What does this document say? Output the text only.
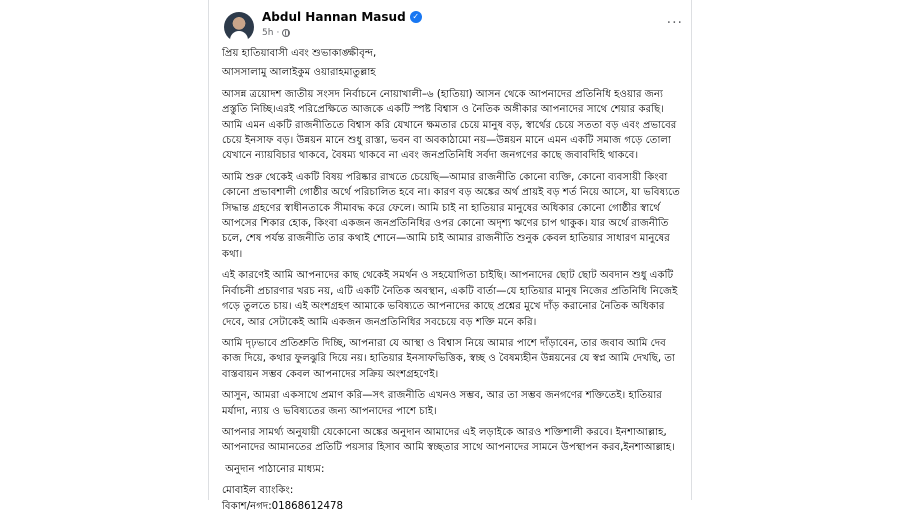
Abdul Hannan Masud ✓
5h ·
···

প্রিয় হাতিয়াবাসী এবং শুভাকাঙ্ক্ষীবৃন্দ,

আসসালামু আলাইকুম ওয়ারাহমাতুল্লাহ

আসন্ন ত্রয়োদশ জাতীয় সংসদ নির্বাচনে নোয়াখালী–৬ (হাতিয়া) আসন থেকে আপনাদের প্রতিনিধি হওয়ার জন্য প্রস্তুতি নিচ্ছি।এরই পরিপ্রেক্ষিতে আজকে একটি স্পষ্ট বিশ্বাস ও নৈতিক অঙ্গীকার আপনাদের সাথে শেয়ার করছি। আমি এমন একটি রাজনীতিতে বিশ্বাস করি যেখানে ক্ষমতার চেয়ে মানুষ বড়, স্বার্থের চেয়ে সততা বড় এবং প্রভাবের চেয়ে ইনসাফ বড়। উন্নয়ন মানে শুধু রাস্তা, ভবন বা অবকাঠামো নয়—উন্নয়ন মানে এমন একটি সমাজ গড়ে তোলা যেখানে ন্যায়বিচার থাকবে, বৈষম্য থাকবে না এবং জনপ্রতিনিধি সর্বদা জনগণের কাছে জবাবদিহি থাকবে।

আমি শুরু থেকেই একটি বিষয় পরিষ্কার রাখতে চেয়েছি—আমার রাজনীতি কোনো ব্যক্তি, কোনো ব্যবসায়ী কিংবা কোনো প্রভাবশালী গোষ্ঠীর অর্থে পরিচালিত হবে না। কারণ বড় অঙ্কের অর্থ প্রায়ই বড় শর্ত নিয়ে আসে, যা ভবিষ্যতে সিদ্ধান্ত গ্রহণের স্বাধীনতাকে সীমাবদ্ধ করে ফেলে। আমি চাই না হাতিয়ার মানুষের অধিকার কোনো গোষ্ঠীর স্বার্থে আপসের শিকার হোক, কিংবা একজন জনপ্রতিনিধির ওপর কোনো অদৃশ্য ঋণের চাপ থাকুক। যার অর্থে রাজনীতি চলে, শেষ পর্যন্ত রাজনীতি তার কথাই শোনে—আমি চাই আমার রাজনীতি শুনুক কেবল হাতিয়ার সাধারণ মানুষের কথা।

এই কারণেই আমি আপনাদের কাছ থেকেই সমর্থন ও সহযোগিতা চাইছি। আপনাদের ছোট ছোট অবদান শুধু একটি নির্বাচনী প্রচারণার খরচ নয়, এটি একটি নৈতিক অবস্থান, একটি বার্তা—যে হাতিয়ার মানুষ নিজের প্রতিনিধি নিজেই গড়ে তুলতে চায়। এই অংশগ্রহণ আমাকে ভবিষ্যতে আপনাদের কাছে প্রশ্নের মুখে দাঁড় করানোর নৈতিক অধিকার দেবে, আর সেটাকেই আমি একজন জনপ্রতিনিধির সবচেয়ে বড় শক্তি মনে করি।

আমি দৃঢ়ভাবে প্রতিশ্রুতি দিচ্ছি, আপনারা যে আস্থা ও বিশ্বাস নিয়ে আমার পাশে দাঁড়াবেন, তার জবাব আমি দেব কাজ দিয়ে, কথার ফুলঝুরি দিয়ে নয়। হাতিয়ার ইনসাফভিত্তিক, স্বচ্ছ ও বৈষম্যহীন উন্নয়নের যে স্বপ্ন আমি দেখছি, তা বাস্তবায়ন সম্ভব কেবল আপনাদের সক্রিয় অংশগ্রহণেই।

আসুন, আমরা একসাথে প্রমাণ করি—সৎ রাজনীতি এখনও সম্ভব, আর তা সম্ভব জনগণের শক্তিতেই। হাতিয়ার মর্যাদা, ন্যায় ও ভবিষ্যতের জন্য আপনাদের পাশে চাই।

আপনার সামর্থ্য অনুযায়ী যেকোনো অঙ্কের অনুদান আমাদের এই লড়াইকে আরও শক্তিশালী করবে। ইনশাআল্লাহ, আপনাদের আমানতের প্রতিটি পয়সার হিসাব আমি স্বচ্ছতার সাথে আপনাদের সামনে উপস্থাপন করব,ইনশাআল্লাহ।

অনুদান পাঠানোর মাধ্যম:
মোবাইল ব্যাংকিং:
বিকাশ/নগদ:01868612478
